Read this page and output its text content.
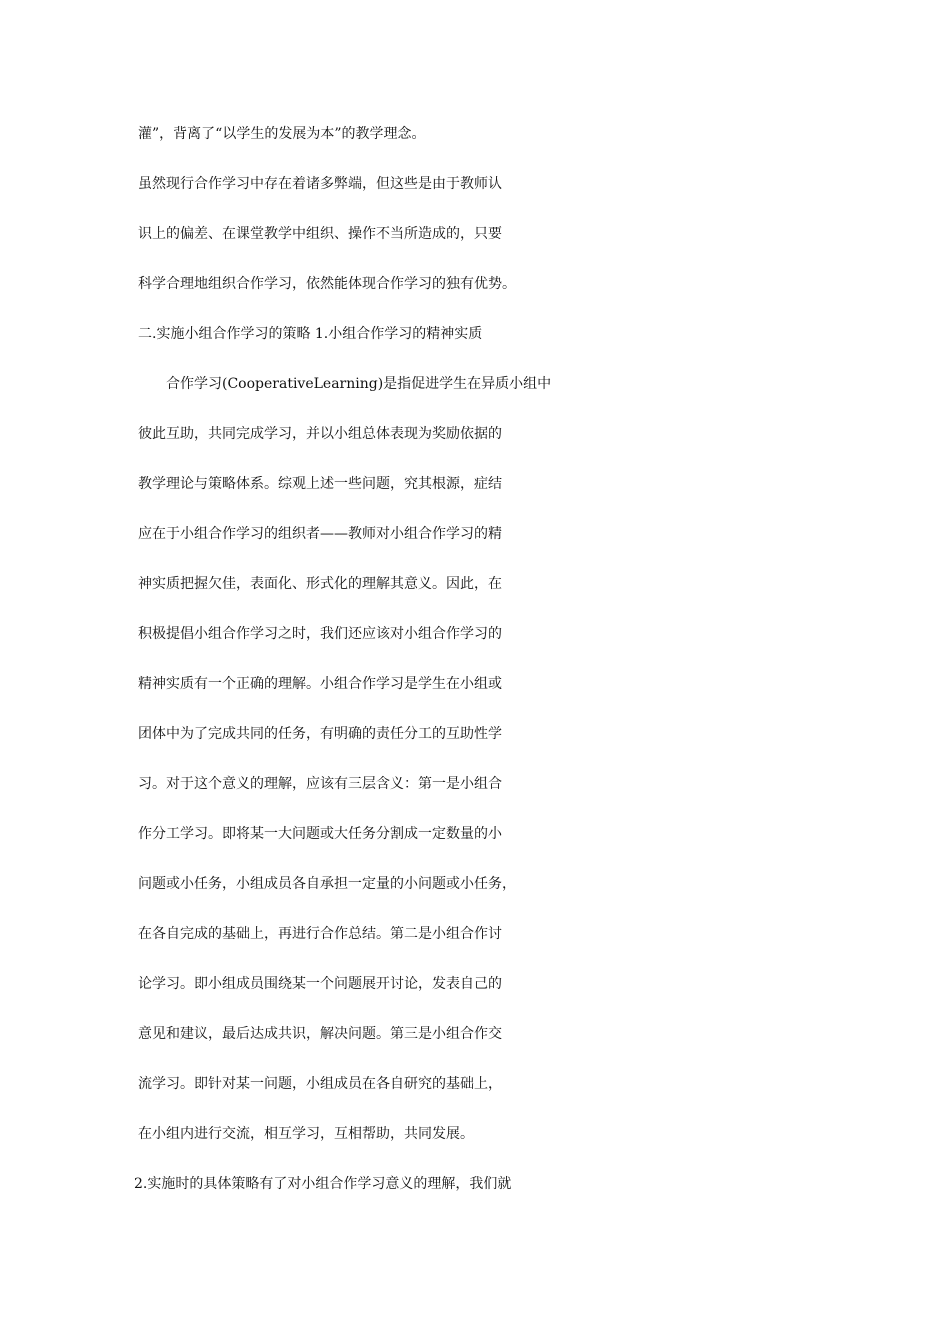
灌”，背离了“以学生的发展为本”的教学理念。
虽然现行合作学习中存在着诸多弊端，但这些是由于教师认
识上的偏差、在课堂教学中组织、操作不当所造成的，只要
科学合理地组织合作学习，依然能体现合作学习的独有优势。
二.实施小组合作学习的策略 1.小组合作学习的精神实质
合作学习(CooperativeLearning)是指促进学生在异质小组中
彼此互助，共同完成学习，并以小组总体表现为奖励依据的
教学理论与策略体系。综观上述一些问题，究其根源，症结
应在于小组合作学习的组织者——教师对小组合作学习的精
神实质把握欠佳，表面化、形式化的理解其意义。因此，在
积极提倡小组合作学习之时，我们还应该对小组合作学习的
精神实质有一个正确的理解。小组合作学习是学生在小组或
团体中为了完成共同的任务，有明确的责任分工的互助性学
习。对于这个意义的理解，应该有三层含义：第一是小组合
作分工学习。即将某一大问题或大任务分割成一定数量的小
问题或小任务，小组成员各自承担一定量的小问题或小任务，
在各自完成的基础上，再进行合作总结。第二是小组合作讨
论学习。即小组成员围绕某一个问题展开讨论，发表自己的
意见和建议，最后达成共识，解决问题。第三是小组合作交
流学习。即针对某一问题，小组成员在各自研究的基础上，
在小组内进行交流，相互学习，互相帮助，共同发展。
2.实施时的具体策略有了对小组合作学习意义的理解，我们就
